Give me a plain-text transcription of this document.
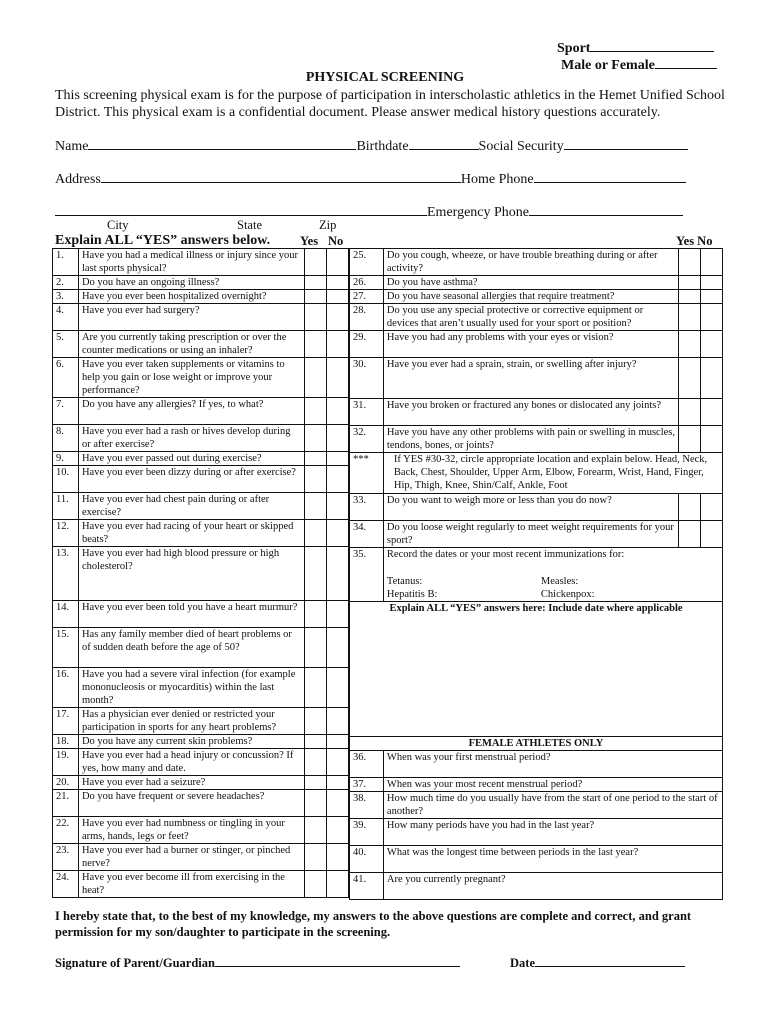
Sport
Male or Female
PHYSICAL SCREENING
This screening physical exam is for the purpose of participation in interscholastic athletics in the Hemet Unified School District. This physical exam is a confidential document. Please answer medical history questions accurately.
Name	Birthdate	Social Security
Address	Home Phone
Emergency Phone
City	State	Zip
Explain ALL “YES” answers below. Yes No	Yes No
1.	Have you had a medical illness or injury since your last sports physical?		
2.	Do you have an ongoing illness?		
3.	Have you ever been hospitalized overnight?		
4.	Have you ever had surgery?		
5.	Are you currently taking prescription or over the counter medications or using an inhaler?		
6.	Have you ever taken supplements or vitamins to help you gain or lose weight or improve your performance?		
7.	Do you have any allergies? If yes, to what?		
8.	Have you ever had a rash or hives develop during or after exercise?		
9.	Have you ever passed out during exercise?		
10.	Have you ever been dizzy during or after exercise?		
11.	Have you ever had chest pain during or after exercise?		
12.	Have you ever had racing of your heart or skipped beats?		
13.	Have you ever had high blood pressure or high cholesterol?		
14.	Have you ever been told you have a heart murmur?		
15.	Has any family member died of heart problems or of sudden death before the age of 50?		
16.	Have you had a severe viral infection (for example mononucleosis or myocarditis) within the last month?		
17.	Has a physician ever denied or restricted your participation in sports for any heart problems?		
18.	Do you have any current skin problems?		
19.	Have you ever had a head injury or concussion? If yes, how many and date.		
20.	Have you ever had a seizure?		
21.	Do you have frequent or severe headaches?		
22.	Have you ever had numbness or tingling in your arms, hands, legs or feet?		
23.	Have you ever had a burner or stinger, or pinched nerve?		
24.	Have you ever become ill from exercising in the heat?		
25.	Do you cough, wheeze, or have trouble breathing during or after activity?		
26.	Do you have asthma?		
27.	Do you have seasonal allergies that require treatment?		
28.	Do you use any special protective or corrective equipment or devices that aren’t usually used for your sport or position?		
29.	Have you had any problems with your eyes or vision?		
30.	Have you ever had a sprain, strain, or swelling after injury?		
31.	Have you broken or fractured any bones or dislocated any joints?		
32.	Have you have any other problems with pain or swelling in muscles, tendons, bones, or joints?		
***	If YES #30-32, circle appropriate location and explain below. Head, Neck, Back, Chest, Shoulder, Upper Arm, Elbow, Forearm, Wrist, Hand, Finger, Hip, Thigh, Knee, Shin/Calf, Ankle, Foot		
33.	Do you want to weigh more or less than you do now?		
34.	Do you loose weight regularly to meet weight requirements for your sport?		
35.	Record the dates or your most recent immunizations for:
Tetanus: Measles:
Hepatitis B: Chickenpox:		

Explain ALL “YES” answers here: Include date where applicable			

FEMALE ATHLETES ONLY			
36.	When was your first menstrual period?		
37.	When was your most recent menstrual period?		
38.	How much time do you usually have from the start of one period to the start of another?		
39.	How many periods have you had in the last year?		
40.	What was the longest time between periods in the last year?		
41.	Are you currently pregnant?		
I hereby state that, to the best of my knowledge, my answers to the above questions are complete and correct, and grant permission for my son/daughter to participate in the screening.
Signature of Parent/Guardian	Date
